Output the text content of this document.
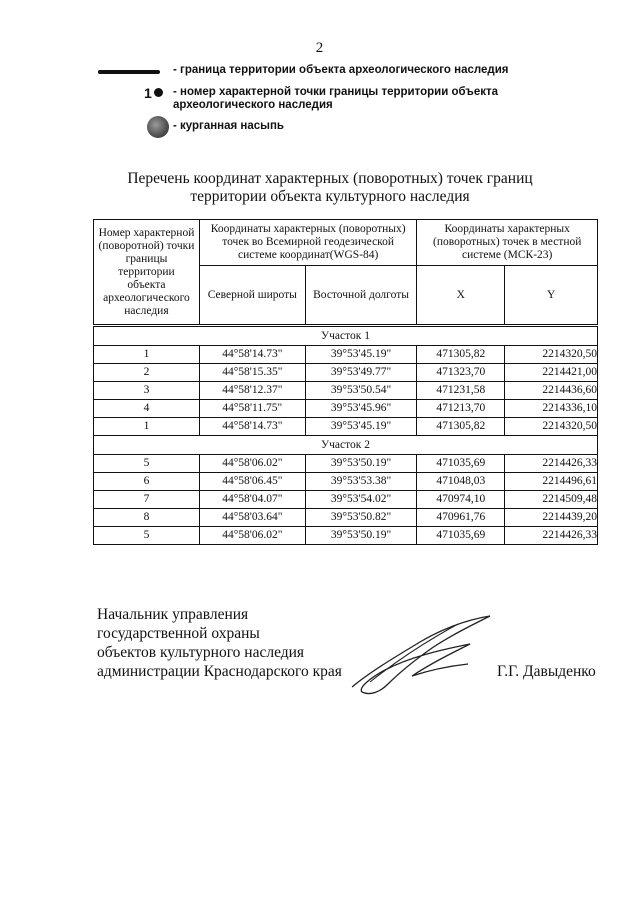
2
- граница территории объекта археологического наследия
1	- номер характерной точки границы территории объекта археологического наследия
- курганная насыпь
Перечень координат характерных (поворотных) точек границ территории объекта культурного наследия
Номер характерной (поворотной) точки границы территории объекта археологического наследия	Координаты характерных (поворотных) точек во Всемирной геодезической системе координат(WGS-84)		Координаты характерных (поворотных) точек в местной системе (МСК-23)	
	Северной широты	Восточной долготы	X	Y
Участок 1				
1	44°58'14.73"	39°53'45.19"	471305,82	2214320,50
2	44°58'15.35"	39°53'49.77"	471323,70	2214421,00
3	44°58'12.37"	39°53'50.54"	471231,58	2214436,60
4	44°58'11.75"	39°53'45.96"	471213,70	2214336,10
1	44°58'14.73"	39°53'45.19"	471305,82	2214320,50
Участок 2				
5	44°58'06.02"	39°53'50.19"	471035,69	2214426,33
6	44°58'06.45"	39°53'53.38"	471048,03	2214496,61
7	44°58'04.07"	39°53'54.02"	470974,10	2214509,48
8	44°58'03.64"	39°53'50.82"	470961,76	2214439,20
5	44°58'06.02"	39°53'50.19"	471035,69	2214426,33
Начальник управления
государственной охраны
объектов культурного наследия
администрации Краснодарского края	Г.Г. Давыденко
